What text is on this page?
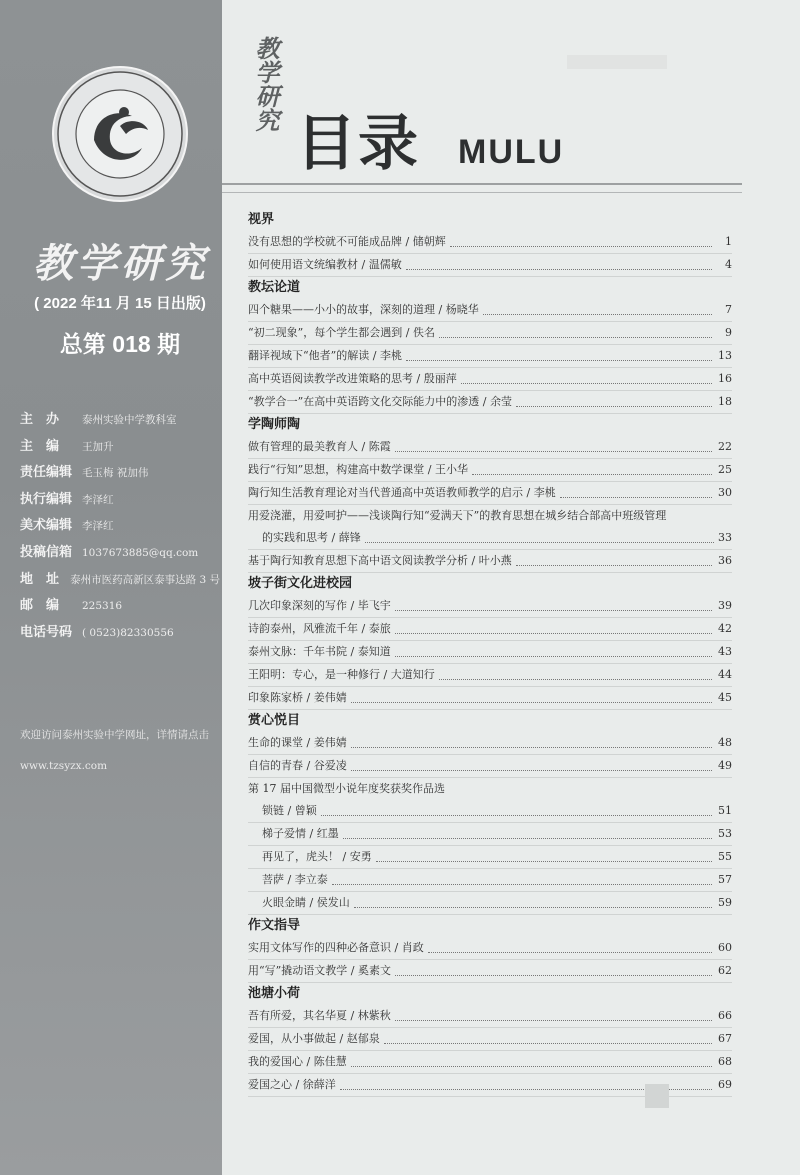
教学研究
( 2022 年11 月 15 日出版)
总第 018 期
主　办	泰州实验中学教科室
主　编	王加升
责任编辑 毛玉梅 祝加伟
执行编辑 李泽红
美术编辑 李泽红
投稿信箱 1037673885@qq.com
地　址	泰州市医药高新区泰事达路 3 号
邮　编	225316
电话号码 ( 0523)82330556
欢迎访问泰州实验中学网址，详情请点击
www.tzsyzx.com
教学研究
目录 MULU
视界
没有思想的学校就不可能成品牌 / 储朝辉	1
如何使用语文统编教材 / 温儒敏	4
教坛论道
四个糖果——小小的故事，深刻的道理 / 杨晓华	7
“初二现象”，每个学生都会遇到 / 佚名	9
翻译视域下“他者”的解读 / 李桃	13
高中英语阅读教学改进策略的思考 / 殷丽萍	16
“教学合一”在高中英语跨文化交际能力中的渗透 / 余莹	18
学陶师陶
做有管理的最美教育人 / 陈霞	22
践行“行知”思想，构建高中数学课堂 / 王小华	25
陶行知生活教育理论对当代普通高中英语教师教学的启示 / 李桃	30
用爱浇灌，用爱呵护——浅谈陶行知“爱满天下”的教育思想在城乡结合部高中班级管理
的实践和思考 / 薛锋	33
基于陶行知教育思想下高中语文阅读教学分析 / 叶小燕	36
坡子街文化进校园
几次印象深刻的写作 / 毕飞宇	39
诗韵泰州，风雅流千年 / 泰旅	42
泰州文脉：千年书院 / 泰知道	43
王阳明：专心，是一种修行 / 大道知行	44
印象陈家桥 / 姜伟婧	45
赏心悦目
生命的课堂 / 姜伟婧	48
自信的青春 / 谷爱凌	49
第 17 届中国微型小说年度奖获奖作品选
锁链 / 曾颖	51
梯子爱情 / 红墨	53
再见了，虎头！ / 安勇	55
菩萨 / 李立泰	57
火眼金睛 / 侯发山	59
作文指导
实用文体写作的四种必备意识 / 肖政	60
用“写”撬动语文教学 / 奚素文	62
池塘小荷
吾有所爱，其名华夏 / 林紫秋	66
爱国，从小事做起 / 赵郁泉	67
我的爱国心 / 陈佳慧	68
爱国之心 / 徐薛洋	69
